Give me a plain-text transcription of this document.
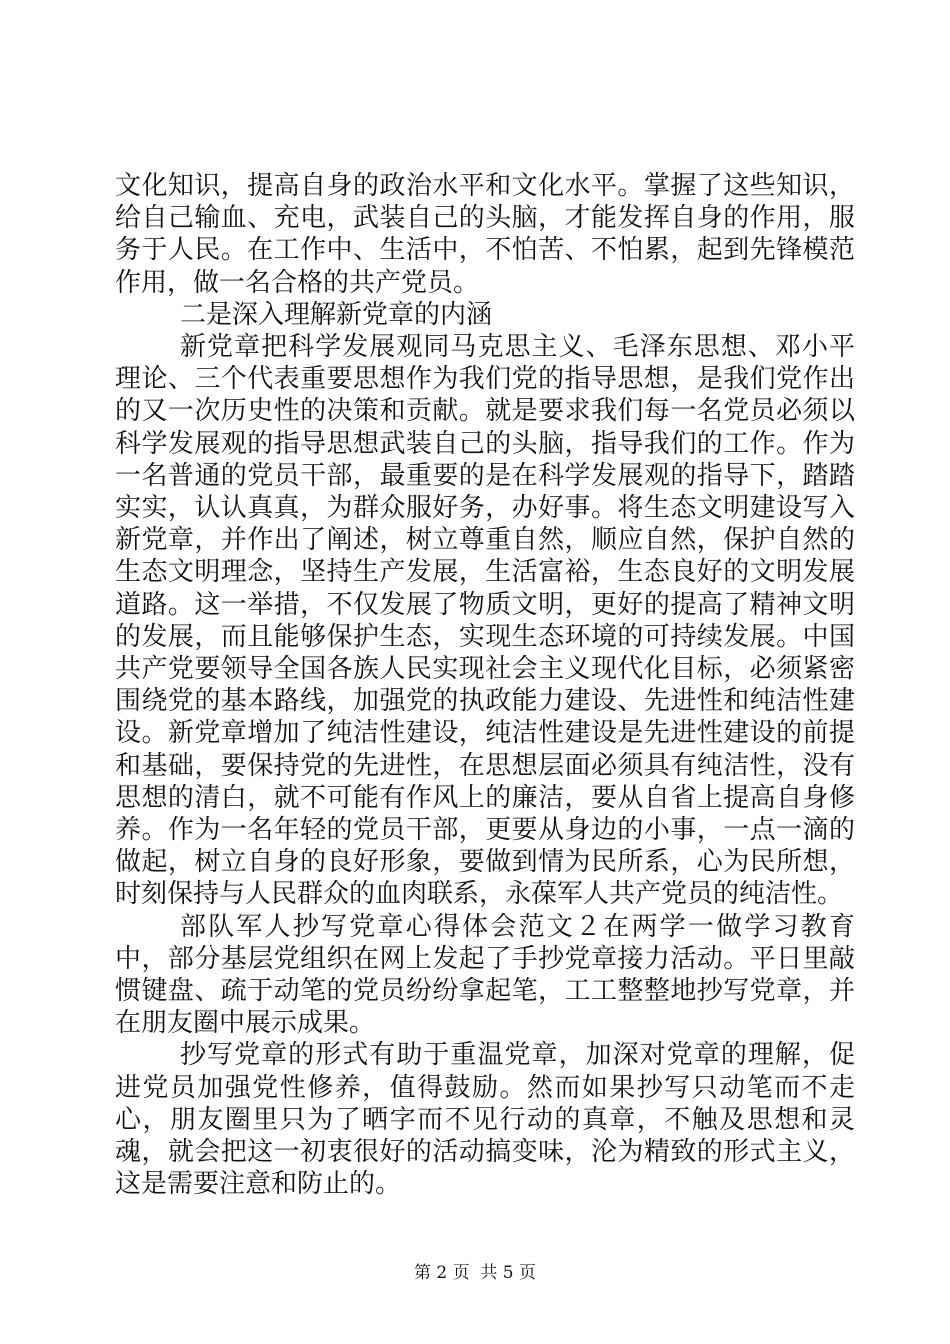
文化知识，提高自身的政治水平和文化水平。掌握了这些知识，给自己输血、充电，武装自己的头脑，才能发挥自身的作用，服务于人民。在工作中、生活中，不怕苦、不怕累，起到先锋模范作用，做一名合格的共产党员。

二是深入理解新党章的内涵

新党章把科学发展观同马克思主义、毛泽东思想、邓小平理论、三个代表重要思想作为我们党的指导思想，是我们党作出的又一次历史性的决策和贡献。就是要求我们每一名党员必须以科学发展观的指导思想武装自己的头脑，指导我们的工作。作为一名普通的党员干部，最重要的是在科学发展观的指导下，踏踏实实，认认真真，为群众服好务，办好事。将生态文明建设写入新党章，并作出了阐述，树立尊重自然，顺应自然，保护自然的生态文明理念，坚持生产发展，生活富裕，生态良好的文明发展道路。这一举措，不仅发展了物质文明，更好的提高了精神文明的发展，而且能够保护生态，实现生态环境的可持续发展。中国共产党要领导全国各族人民实现社会主义现代化目标，必须紧密围绕党的基本路线，加强党的执政能力建设、先进性和纯洁性建设。新党章增加了纯洁性建设，纯洁性建设是先进性建设的前提和基础，要保持党的先进性，在思想层面必须具有纯洁性，没有思想的清白，就不可能有作风上的廉洁，要从自省上提高自身修养。作为一名年轻的党员干部，更要从身边的小事，一点一滴的做起，树立自身的良好形象，要做到情为民所系，心为民所想，时刻保持与人民群众的血肉联系，永葆军人共产党员的纯洁性。

部队军人抄写党章心得体会范文２在两学一做学习教育中，部分基层党组织在网上发起了手抄党章接力活动。平日里敲惯键盘、疏于动笔的党员纷纷拿起笔，工工整整地抄写党章，并在朋友圈中展示成果。

抄写党章的形式有助于重温党章，加深对党章的理解，促进党员加强党性修养，值得鼓励。然而如果抄写只动笔而不走心，朋友圈里只为了晒字而不见行动的真章，不触及思想和灵魂，就会把这一初衷很好的活动搞变味，沦为精致的形式主义，这是需要注意和防止的。

第 2 页  共 5 页
